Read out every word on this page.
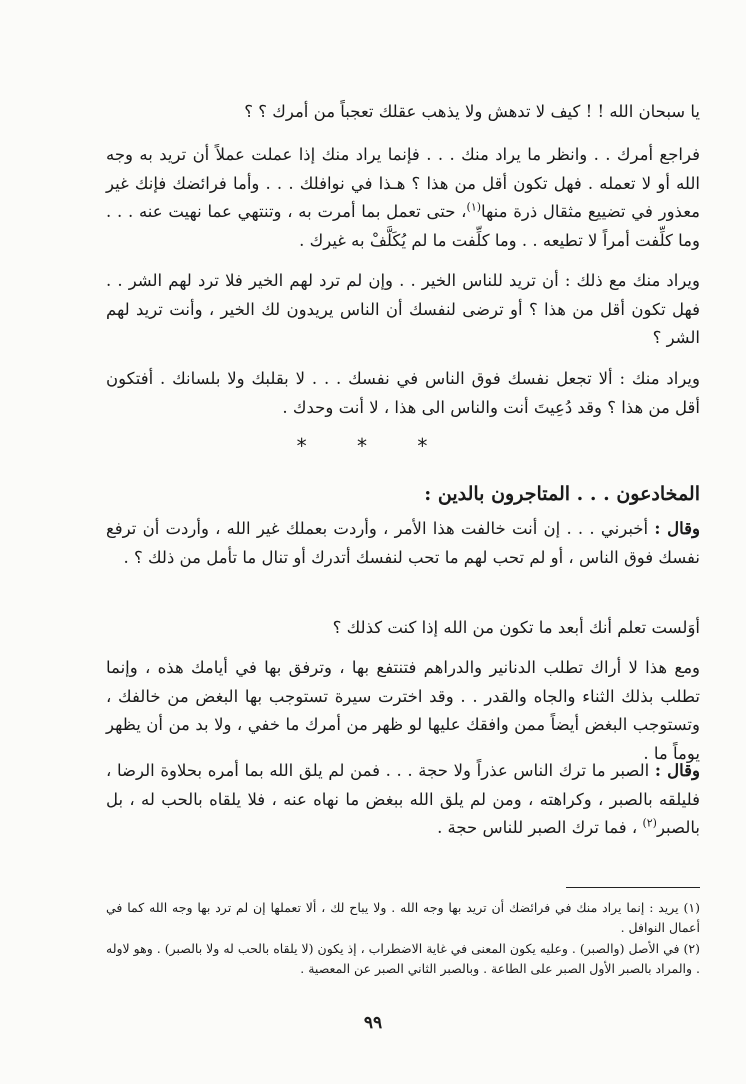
يا سبحان الله ! ! كيف لا تدهش ولا يذهب عقلك تعجباً من أمرك ؟ ؟

فراجع أمرك . . وانظر ما يراد منك . . . فإنما يراد منك إذا عملت عملاً أن تريد به وجه الله أو لا تعمله . فهل تكون أقل من هذا ؟ هـذا في نوافلك . . . وأما فرائضك فإنك غير معذور في تضييع مثقال ذرة منها$^{(١)}$، حتى تعمل بما أمرت به ، وتنتهي عما نهيت عنه . . . وما كلِّفت أمراً لا تطيعه . . وما كلِّفت ما لم يُكَلَّفْ به غيرك .

ويراد منك مع ذلك : أن تريد للناس الخير . . وإن لم ترد لهم الخير فلا ترد لهم الشر . . فهل تكون أقل من هذا ؟ أو ترضى لنفسك أن الناس يريدون لك الخير ، وأنت تريد لهم الشر ؟

ويراد منك : ألا تجعل نفسك فوق الناس في نفسك . . . لا بقلبك ولا بلسانك . أفتكون أقل من هذا ؟ وقد دُعِيتَ أنت والناس الى هذا ، لا أنت وحدك .

* * *

المخادعون . . . المتاجرون بالدين :

وقال : أخبرني . . . إن أنت خالفت هذا الأمر ، وأردت بعملك غير الله ، وأردت أن ترفع نفسك فوق الناس ، أو لم تحب لهم ما تحب لنفسك أتدرك أو تنال ما تأمل من ذلك ؟ .

أوَلست تعلم أنك أبعد ما تكون من الله إذا كنت كذلك ؟

ومع هذا لا أراك تطلب الدنانير والدراهم فتنتفع بها ، وترفق بها في أيامك هذه ، وإنما تطلب بذلك الثناء والجاه والقدر . . وقد اخترت سيرة تستوجب بها البغض من خالفك ، وتستوجب البغض أيضاً ممن وافقك عليها لو ظهر من أمرك ما خفي ، ولا بد من أن يظهر يوماً ما .

وقال : الصبر ما ترك الناس عذراً ولا حجة . . . فمن لم يلق الله بما أمره بحلاوة الرضا ، فليلقه بالصبر ، وكراهته ، ومن لم يلق الله ببغض ما نهاه عنه ، فلا يلقاه بالحب له ، بل بالصبر$^{(٢)}$ ، فما ترك الصبر للناس حجة .

(١) يريد : إنما يراد منك في فرائضك أن تريد بها وجه الله . ولا يباح لك ، ألا تعملها إن لم ترد بها وجه الله كما في أعمال النوافل .
(٢) في الأصل (والصبر) . وعليه يكون المعنى في غاية الاضطراب ، إذ يكون (لا يلقاه بالحب له ولا بالصبر) . وهو لاوله . والمراد بالصبر الأول الصبر على الطاعة . وبالصبر الثاني الصبر عن المعصية .
٩٩
